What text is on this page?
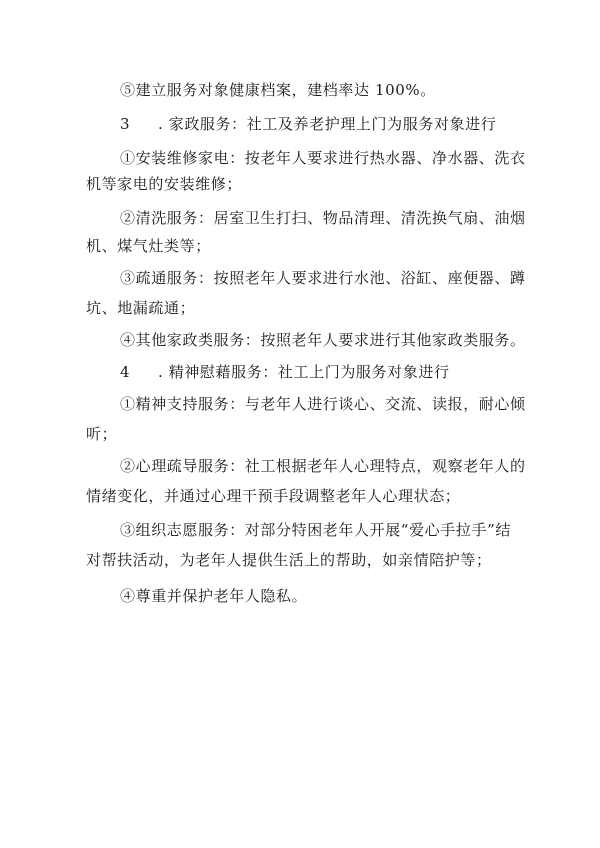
⑤建立服务对象健康档案，建档率达 100%。
3 . 家政服务：社工及养老护理上门为服务对象进行
①安装维修家电：按老年人要求进行热水器、净水器、洗衣
机等家电的安装维修；
②清洗服务：居室卫生打扫、物品清理、清洗换气扇、油烟
机、煤气灶类等；
③疏通服务：按照老年人要求进行水池、浴缸、座便器、蹲
坑、地漏疏通；
④其他家政类服务：按照老年人要求进行其他家政类服务。
4 . 精神慰藉服务：社工上门为服务对象进行
①精神支持服务：与老年人进行谈心、交流、读报，耐心倾
听；
②心理疏导服务：社工根据老年人心理特点，观察老年人的
情绪变化，并通过心理干预手段调整老年人心理状态；
③组织志愿服务：对部分特困老年人开展“爱心手拉手”结
对帮扶活动，为老年人提供生活上的帮助，如亲情陪护等；
④尊重并保护老年人隐私。
